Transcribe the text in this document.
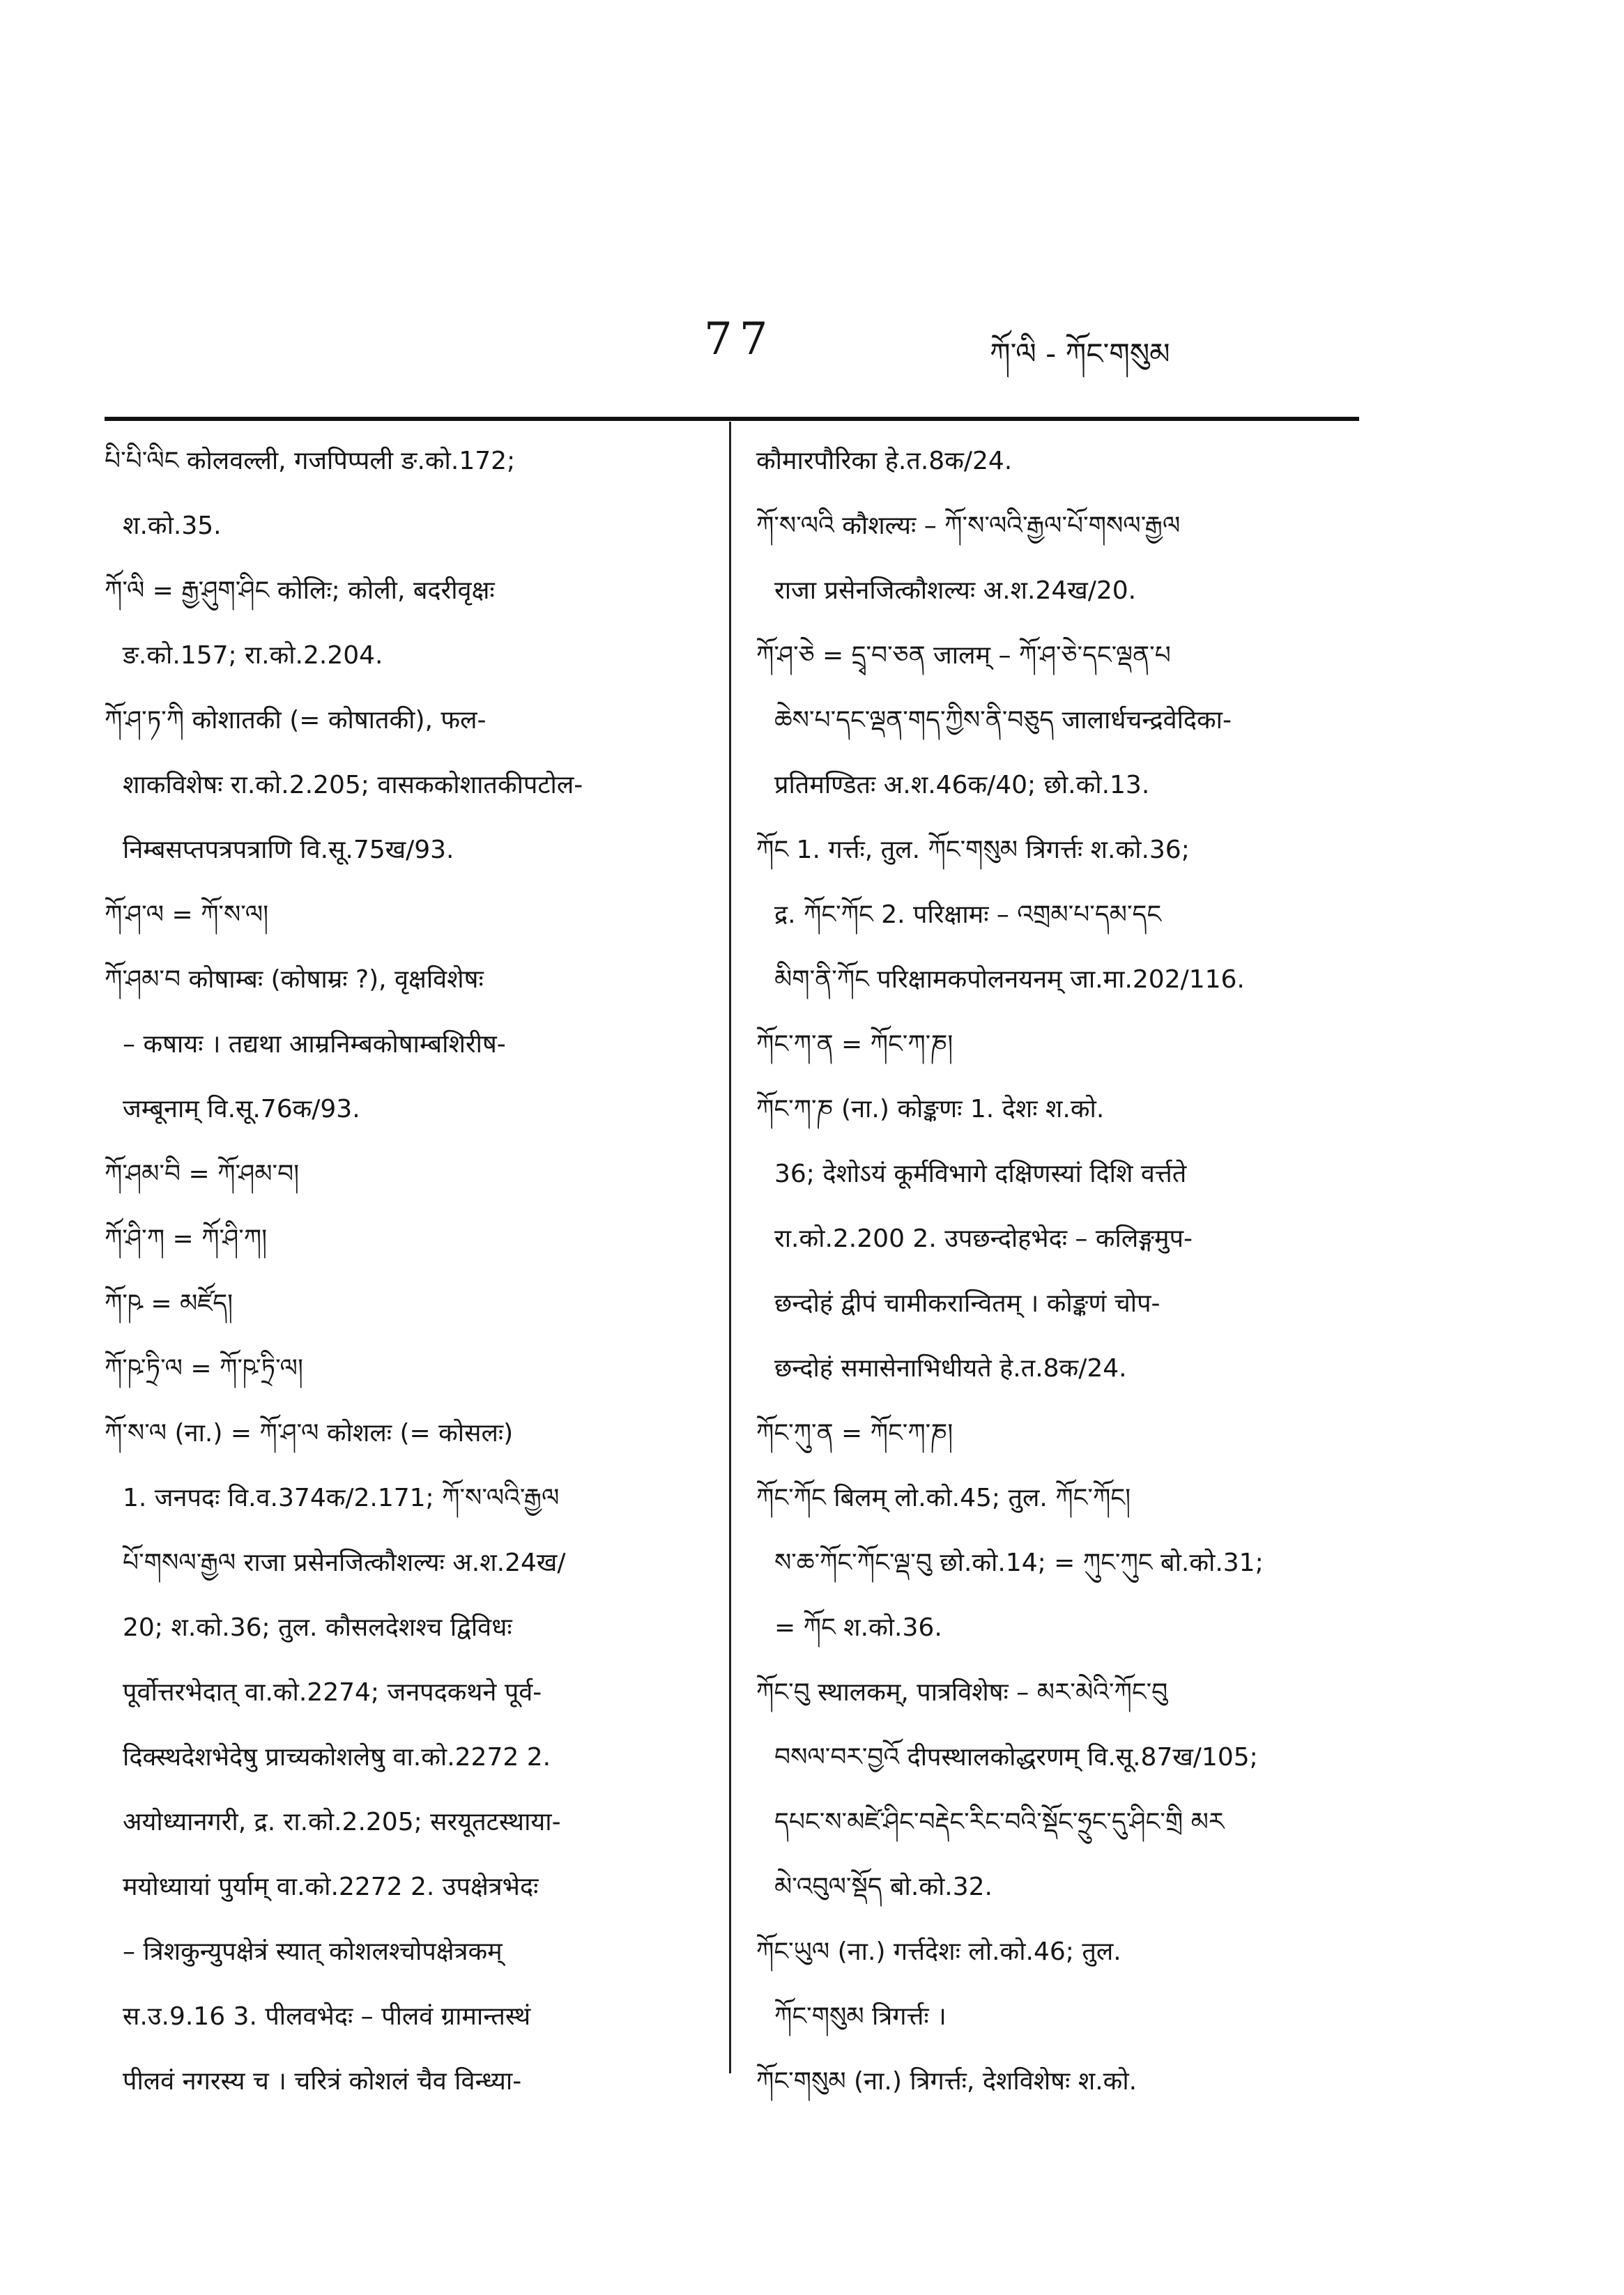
77	ཀོ་ལི - ཀོང་གསུམ
པི་པི་ལིང कोलवल्ली, गजपिप्पली ङ.को.172;
श.को.35.
ཀོ་ལི = རྒྱ་ཤུག་ཤིང कोलिः; कोली, बदरीवृक्षः
ङ.को.157; रा.को.2.204.
ཀོ་ཤ་ཏ་ཀི कोशातकी (= कोषातकी), फल-
शाकविशेषः रा.को.2.205; वासककोशातकीपटोल-
निम्बसप्तपत्रपत्राणि वि.सू.75ख/93.
ཀོ་ཤ་ལ = ཀོ་ས་ལ།
ཀོ་ཤམ་བ कोषाम्बः (कोषाम्रः ?), वृक्षविशेषः
– कषायः । तद्यथा आम्रनिम्बकोषाम्बशिरीष-
जम्बूनाम् वि.सू.76क/93.
ཀོ་ཤམ་བི = ཀོ་ཤམ་བ།
ཀོ་ཤི་ཀ = ཀོ་ཤི་ཀ།
ཀོ་ཥ = མཛོད།
ཀོ་ཥ་ཏྲི་ལ = ཀོ་ཥ་ཏྲི་ལ།
ཀོ་ས་ལ (ना.) = ཀོ་ཤ་ལ कोशलः (= कोसलः)
1. जनपदः वि.व.374क/2.171; ཀོ་ས་ལའི་རྒྱལ
པོ་གསལ་རྒྱལ राजा प्रसेनजित्कौशल्यः अ.श.24ख/
20; श.को.36; तुल. कौसलदेशश्च द्विविधः
पूर्वोत्तरभेदात् वा.को.2274; जनपदकथने पूर्व-
दिक्स्थदेशभेदेषु प्राच्यकोशलेषु वा.को.2272 2.
अयोध्यानगरी, द्र. रा.को.2.205; सरयूतटस्थाया-
मयोध्यायां पुर्याम् वा.को.2272 2. उपक्षेत्रभेदः
– त्रिशकुन्युपक्षेत्रं स्यात् कोशलश्चोपक्षेत्रकम्
स.उ.9.16 3. पीलवभेदः – पीलवं ग्रामान्तस्थं
पीलवं नगरस्य च । चरित्रं कोशलं चैव विन्ध्या-
कौमारपौरिका हे.त.8क/24.
ཀོ་ས་ལའི कौशल्यः – ཀོ་ས་ལའི་རྒྱལ་པོ་གསལ་རྒྱལ
राजा प्रसेनजित्कौशल्यः अ.श.24ख/20.
ཀོ་ཤ་ཅེ = དྲྭ་བ་ཅན जालम् – ཀོ་ཤ་ཅེ་དང་ལྡན་པ
ཆེས་པ་དང་ལྡན་གད་ཀྱིས་ནི་བཅུད जालार्धचन्द्रवेदिका-
प्रतिमण्डितः अ.श.46क/40; छो.को.13.
ཀོང 1. गर्त्तः, तुल. ཀོང་གསུམ त्रिगर्त्तः श.को.36;
द्र. ཀོང་ཀོང 2. परिक्षामः – འགྲམ་པ་དམ་དང
མིག་ནི་ཀོང परिक्षामकपोलनयनम् जा.मा.202/116.
ཀོང་ཀ་ན = ཀོང་ཀ་ཎ།
ཀོང་ཀ་ཎ (ना.) कोङ्कणः 1. देशः श.को.
36; देशोऽयं कूर्मविभागे दक्षिणस्यां दिशि वर्त्तते
रा.को.2.200 2. उपछन्दोहभेदः – कलिङ्गमुप-
छन्दोहं द्वीपं चामीकरान्वितम् । कोङ्कणं चोप-
छन्दोहं समासेनाभिधीयते हे.त.8क/24.
ཀོང་ཀུ་ན = ཀོང་ཀ་ཎ།
ཀོང་ཀོང बिलम् लो.को.45; तुल. ཀོང་ཀོང།
ས་ཆ་ཀོང་ཀོང་ལྡ་བུ छो.को.14; = ཀུང་ཀུང बो.को.31;
= ཀོང श.को.36.
ཀོང་བུ स्थालकम्, पात्रविशेषः – མར་མེའི་ཀོང་བུ
བསལ་བར་བྱའོ दीपस्थालकोद्धरणम् वि.सू.87ख/105;
དཔང་ས་མཛེ་ཤིང་བརྡེང་རིང་བའི་སྡོང་ཧྲུང་དུ་ཤིང་གྲི མར
མེ་འབུལ་སྡོད बो.को.32.
ཀོང་ཡུལ (ना.) गर्त्तदेशः लो.को.46; तुल.
ཀོང་གསུམ त्रिगर्त्तः ।
ཀོང་གསུམ (ना.) त्रिगर्त्तः, देशविशेषः श.को.
